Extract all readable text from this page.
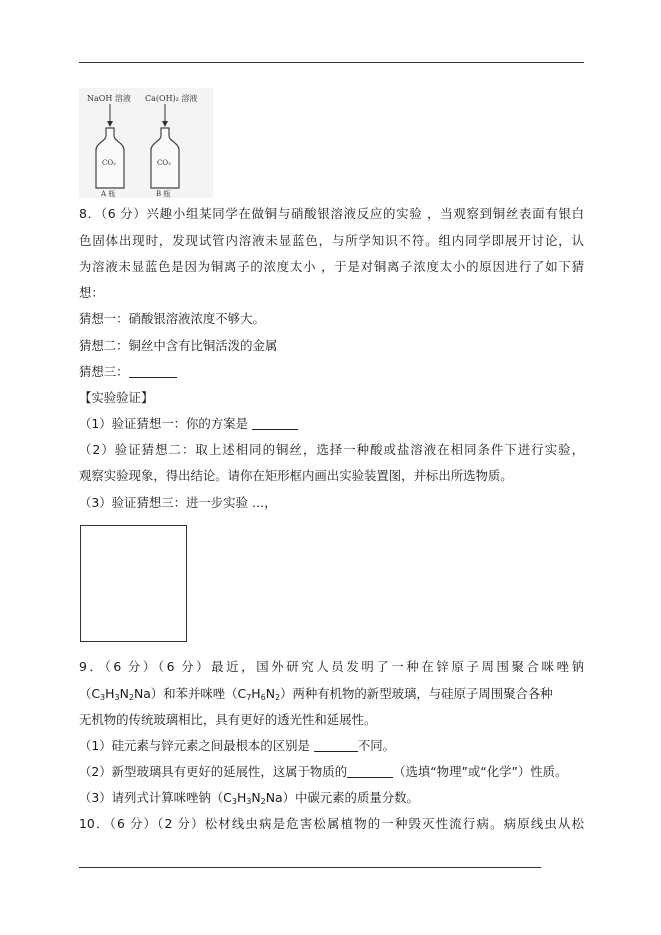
NaOH 溶液 Ca(OH)₂ 溶液
CO₂	CO₂
A 瓶	B 瓶
8．（6 分）兴趣小组某同学在做铜与硝酸银溶液反应的实验 ，当观察到铜丝表面有银白
色固体出现时，发现试管内溶液未显蓝色，与所学知识不符。组内同学即展开讨论，认
为溶液未显蓝色是因为铜离子的浓度太小 ，于是对铜离子浓度太小的原因进行了如下猜
想：
猜想一：硝酸银溶液浓度不够大。
猜想二：铜丝中含有比铜活泼的金属
猜想三：
【实验验证】
（1）验证猜想一：你的方案是
（2）验证猜想二：取上述相同的铜丝，选择一种酸或盐溶液在相同条件下进行实验，
观察实验现象，得出结论。请你在矩形框内画出实验装置图，并标出所选物质。
（3）验证猜想三：进一步实验 …，
9．（6 分）（6 分）最近，国外研究人员发明了一种在锌原子周围聚合咪唑钠
$(C_3H_3N_2Na)$和苯并咪唑$(C_7H_6N_2)$两种有机物的新型玻璃，与硅原子周围聚合各种
无机物的传统玻璃相比，具有更好的透光性和延展性。
（1）硅元素与锌元素之间最根本的区别是	不同。
（2）新型玻璃具有更好的延展性，这属于物质的	（选填“物理”或“化学”）性质。
（3）请列式计算咪唑钠$(C_3H_3N_2Na)$中碳元素的质量分数。
10．（6 分）（2 分）松材线虫病是危害松属植物的一种毁灭性流行病。病原线虫从松
